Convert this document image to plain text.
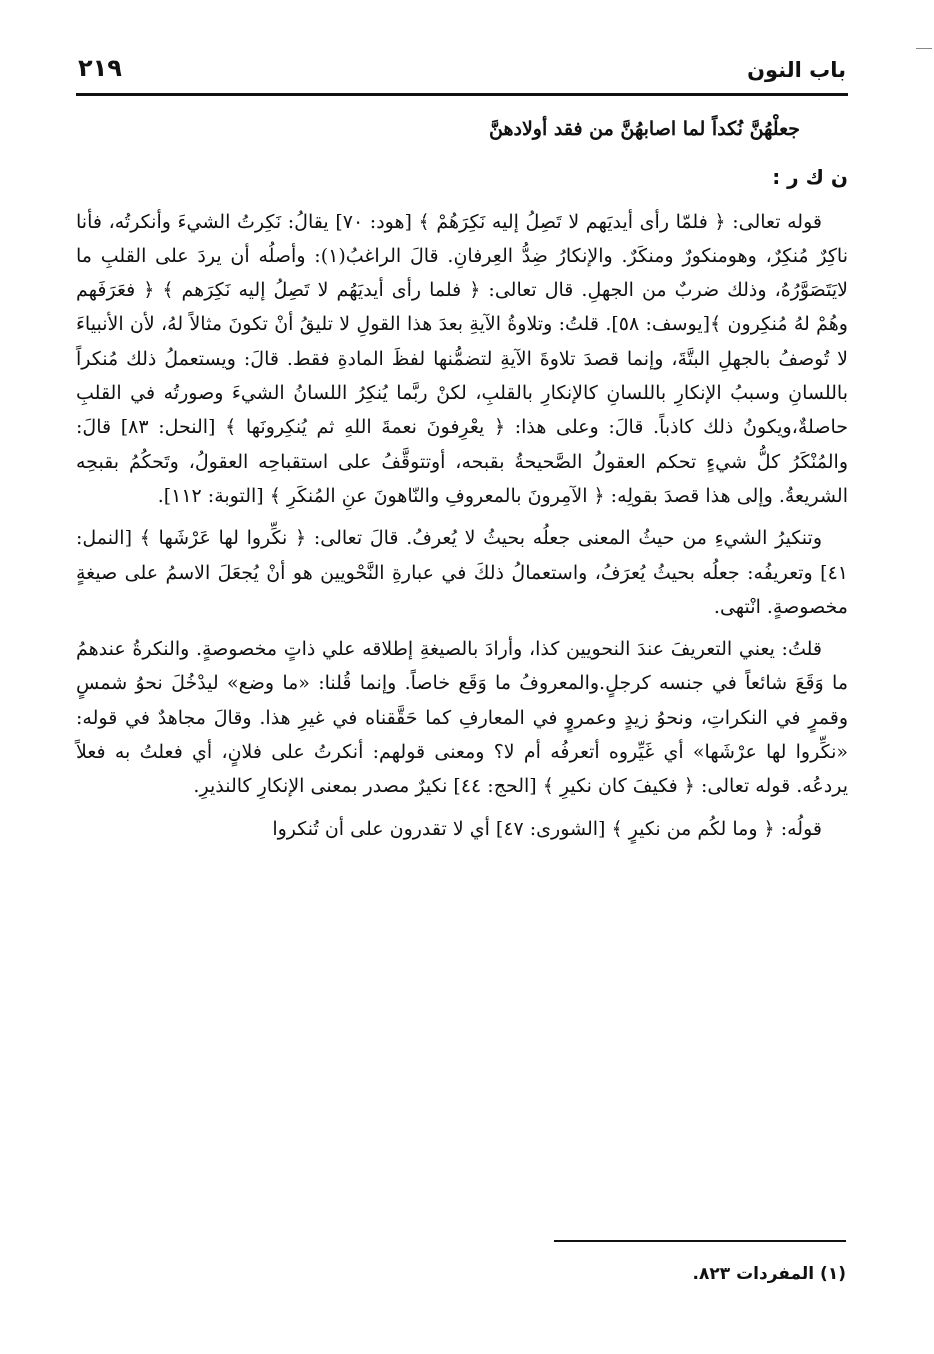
باب النون
٢١٩

جعلْهُنَّ نُكداً لما اصابهُنَّ من فقد أولادهنَّ

ن ك ر :

قوله تعالى: ﴿ فلمّا رأى أيديَهم لا تَصِلُ إليه نَكِرَهُمْ ﴾ [هود: ٧٠] يقالُ: نَكِرتُ الشيءَ وأنكرتُه، فأنا ناكِرٌ مُنكِرٌ، وهومنكورٌ ومنكَرٌ. والإنكارُ ضِدُّ العِرفانِ. قالَ الراغبُ(١): وأصلُه أن يردَ على القلبِ ما لايَتَصَوَّرُهُ، وذلك ضربٌ من الجهلِ. قال تعالى: ﴿ فلما رأى أيديَهُم لا تَصِلُ إليه نَكِرَهم ﴾ ﴿ فعَرَفَهم وهُمْ لهُ مُنكِرون ﴾[يوسف: ٥٨]. قلتُ: وتلاوةُ الآيةِ بعدَ هذا القولِ لا تليقُ أنْ تكونَ مثالاً لهُ، لأن الأنبياءَ لا تُوصفُ بالجهلِ البتَّةَ، وإنما قصدَ تلاوةَ الآيةِ لتضمُّنها لفظَ المادةِ فقط. قالَ: ويستعملُ ذلك مُنكراً باللسانِ وسببُ الإنكارِ باللسانِ كالإنكارِ بالقلبِ، لكنْ ربَّما يُنكِرُ اللسانُ الشيءَ وصورتُه في القلبِ حاصلةٌ،ويكونُ ذلك كاذباً. قالَ: وعلى هذا: ﴿ يعْرِفونَ نعمةَ اللهِ ثم يُنكِرونَها ﴾ [النحل: ٨٣] قالَ: والمُنْكَرُ كلُّ شيءٍ تحكم العقولُ الصَّحيحةُ بقبحه، أوتتوقَّفُ على استقباحِه العقولُ، وتَحكُمُ بقبحِه الشريعةُ. وإلى هذا قصدَ بقولِه: ﴿ الآمِرونَ بالمعروفِ والنّاهونَ عنِ المُنكَرِ ﴾ [التوبة: ١١٢].

وتنكيرُ الشيءِ من حيثُ المعنى جعلُه بحيثُ لا يُعرفُ. قالَ تعالى: ﴿ نكِّروا لها عَرْشَها ﴾ [النمل: ٤١] وتعريفُه: جعلُه بحيثُ يُعرَفُ، واستعمالُ ذلكَ في عبارةِ النَّحْويين هو أنْ يُجعَلَ الاسمُ على صيغةٍ مخصوصةٍ. انْتهى.

قلتُ: يعني التعريفَ عندَ النحويين كذا، وأرادَ بالصيغةِ إطلاقه علي ذاتٍ مخصوصةٍ. والنكرةُ عندهمُ ما وَقَعَ شائعاً في جنسه كرجلٍ.والمعروفُ ما وَقَع خاصاً. وإنما قُلنا: «ما وضع» ليدْخُلَ نحوُ شمسٍ وقمرٍ في النكراتِ، ونحوُ زيدٍ وعمروٍ في المعارفِ كما حَقَّقناه في غيرِ هذا. وقالَ مجاهدٌ في قوله: «نكِّروا لها عرْشَها» أي غَيِّروه أتعرفُه أم لا؟ ومعنى قولهم: أنكرتُ على فلانٍ، أي فعلتُ به فعلاً يردعُه. قوله تعالى: ﴿ فكيفَ كان نكيرِ ﴾ [الحج: ٤٤] نكيرٌ مصدر بمعنى الإنكارِ كالنذيرِ.

قولُه: ﴿ وما لكُم من نكيرٍ ﴾ [الشورى: ٤٧] أي لا تقدرون على أن تُنكروا

(١) المفردات ٨٢٣.
